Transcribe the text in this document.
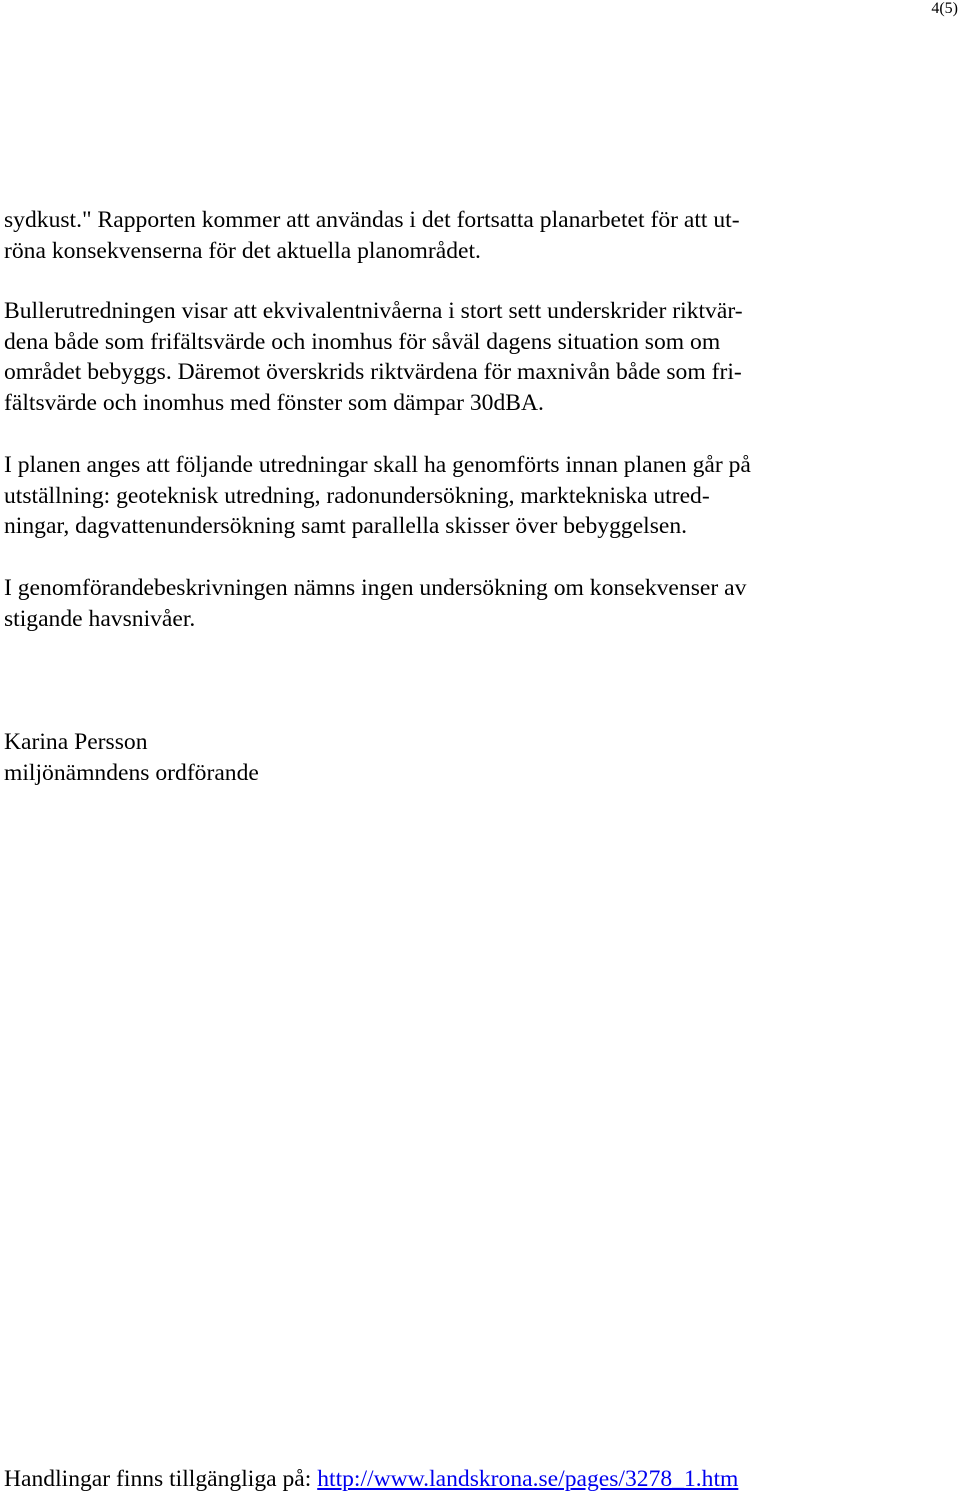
4(5)
sydkust." Rapporten kommer att användas i det fortsatta planarbetet för att ut-
röna konsekvenserna för det aktuella planområdet.
Bullerutredningen visar att ekvivalentnivåerna i stort sett underskrider riktvär-
dena både som frifältsvärde och inomhus för såväl dagens situation som om
området bebyggs. Däremot överskrids riktvärdena för maxnivån både som fri-
fältsvärde och inomhus med fönster som dämpar 30dBA.
I planen anges att följande utredningar skall ha genomförts innan planen går på
utställning: geoteknisk utredning, radonundersökning, marktekniska utred-
ningar, dagvattenundersökning samt parallella skisser över bebyggelsen.
I genomförandebeskrivningen nämns ingen undersökning om konsekvenser av
stigande havsnivåer.
Karina Persson
miljönämndens ordförande
Handlingar finns tillgängliga på: http://www.landskrona.se/pages/3278_1.htm
